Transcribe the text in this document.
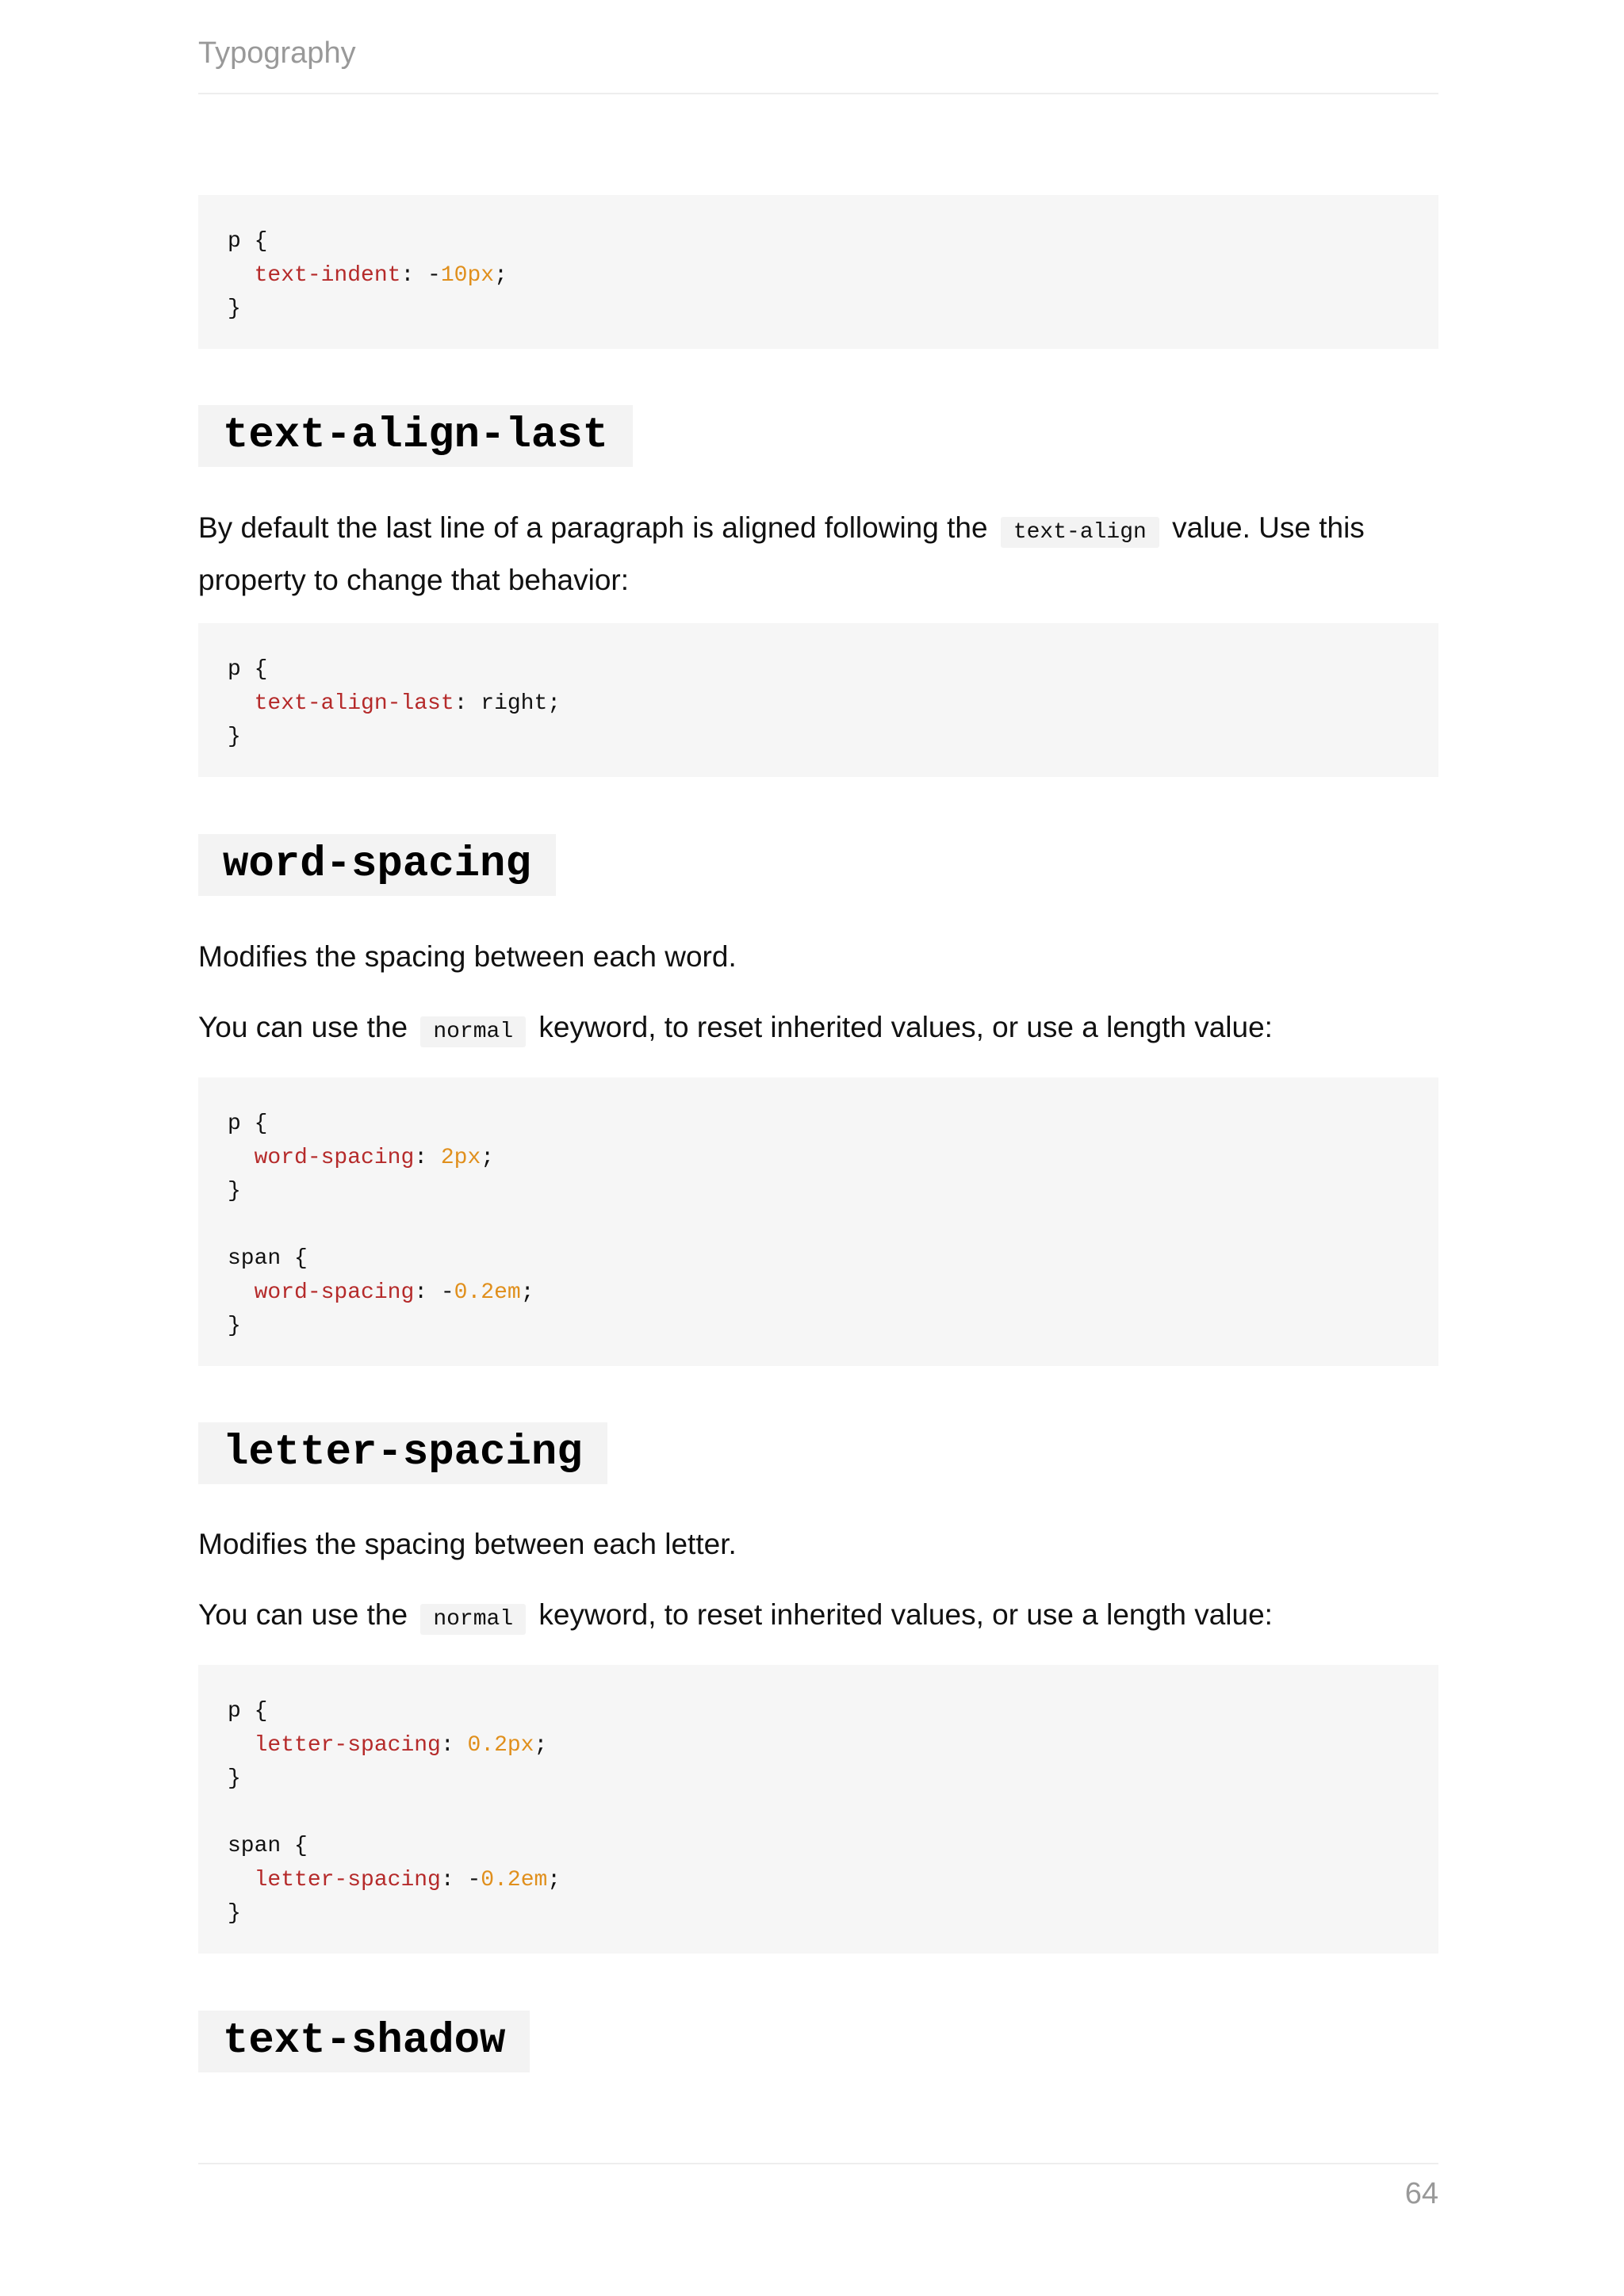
Typography
p {
text-indent: -10px;
}
text-align-last
By default the last line of a paragraph is aligned following the text-align value. Use this property to change that behavior:
p {
text-align-last: right;
}
word-spacing
Modifies the spacing between each word.
You can use the normal keyword, to reset inherited values, or use a length value:
p {
word-spacing: 2px;
}
span {
word-spacing: -0.2em;
}
letter-spacing
Modifies the spacing between each letter.
You can use the normal keyword, to reset inherited values, or use a length value:
p {
letter-spacing: 0.2px;
}
span {
letter-spacing: -0.2em;
}
text-shadow
64
